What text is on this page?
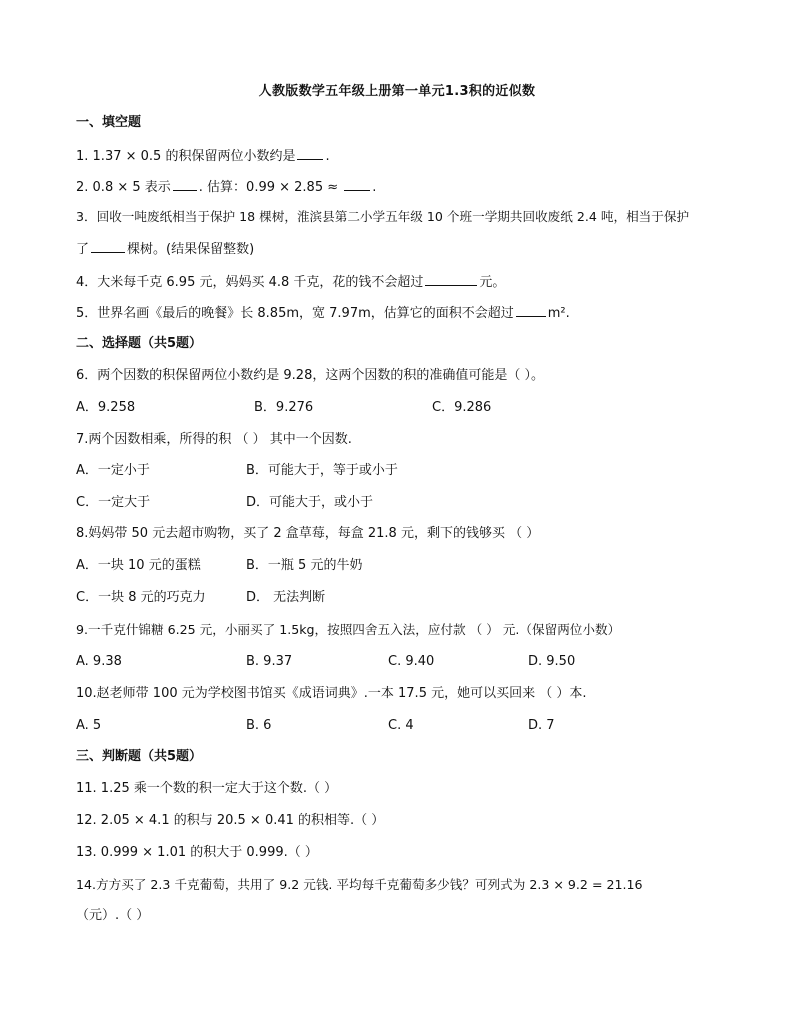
人教版数学五年级上册第一单元1.3积的近似数
一、填空题
1. 1.37 × 0.5 的积保留两位小数约是 .
2. 0.8 × 5 表示 . 估算：0.99 × 2.85 ≈ .
3．回收一吨废纸相当于保护 18 棵树，淮滨县第二小学五年级 10 个班一学期共回收废纸 2.4 吨，相当于保护
了	棵树。(结果保留整数)
4．大米每千克 6.95 元，妈妈买 4.8 千克，花的钱不会超过	元。
5．世界名画《最后的晚餐》长 8.85m，宽 7.97m，估算它的面积不会超过	m².
二、选择题（共5题）
6．两个因数的积保留两位小数约是 9.28，这两个因数的积的准确值可能是（ ）。
A．9.258	B．9.276	C．9.286
7.两个因数相乘，所得的积 （ ） 其中一个因数.
A．一定小于	B．可能大于，等于或小于
C．一定大于	D．可能大于，或小于
8.妈妈带 50 元去超市购物，买了 2 盒草莓，每盒 21.8 元，剩下的钱够买 （ ）
A．一块 10 元的蛋糕	B．一瓶 5 元的牛奶
C．一块 8 元的巧克力	D． 无法判断
9.一千克什锦糖 6.25 元，小丽买了 1.5kg，按照四舍五入法，应付款 （ ） 元.（保留两位小数）
A. 9.38	B. 9.37	C. 9.40	D. 9.50
10.赵老师带 100 元为学校图书馆买《成语词典》.一本 17.5 元，她可以买回来 （ ）本.
A. 5	B. 6	C. 4	D. 7
三、判断题（共5题）
11. 1.25 乘一个数的积一定大于这个数.（ ）
12. 2.05 × 4.1 的积与 20.5 × 0.41 的积相等.（ ）
13. 0.999 × 1.01 的积大于 0.999.（ ）
14.方方买了 2.3 千克葡萄，共用了 9.2 元钱. 平均每千克葡萄多少钱？可列式为 2.3 × 9.2 = 21.16
（元）.（ ）
